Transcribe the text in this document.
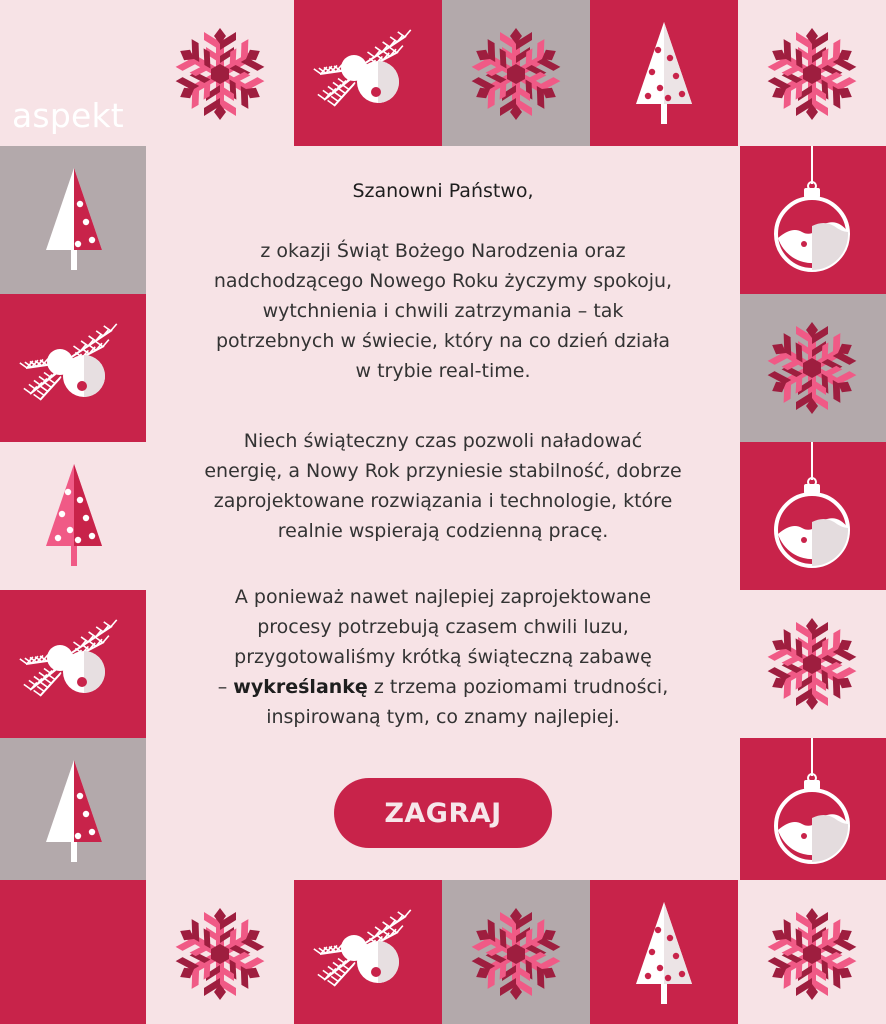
aspekt
Szanowni Państwo,
z okazji Świąt Bożego Narodzenia oraz
nadchodzącego Nowego Roku życzymy spokoju,
wytchnienia i chwili zatrzymania – tak
potrzebnych w świecie, który na co dzień działa
w trybie real-time.
Niech świąteczny czas pozwoli naładować
energię, a Nowy Rok przyniesie stabilność, dobrze
zaprojektowane rozwiązania i technologie, które
realnie wspierają codzienną pracę.
A ponieważ nawet najlepiej zaprojektowane
procesy potrzebują czasem chwili luzu,
przygotowaliśmy krótką świąteczną zabawę
– wykreślankę z trzema poziomami trudności,
inspirowaną tym, co znamy najlepiej.
ZAGRAJ
